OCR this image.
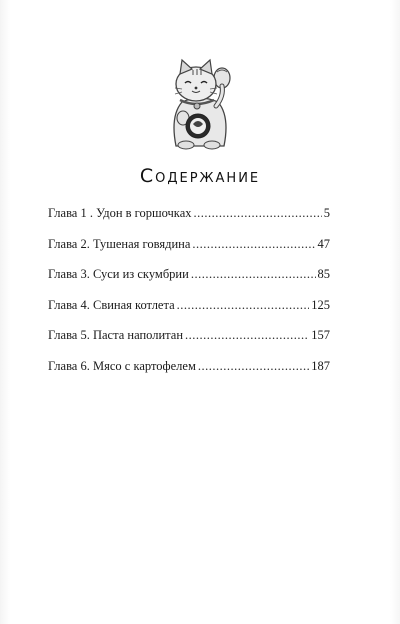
Содержание
Глава 1 . Удон в горшочках .....	5
Глава 2. Тушеная говядина .....	47
Глава 3. Суси из скумбрии .....	85
Глава 4. Свиная котлета .....	125
Глава 5. Паста наполитан .....	157
Глава 6. Мясо с картофелем .....	187
